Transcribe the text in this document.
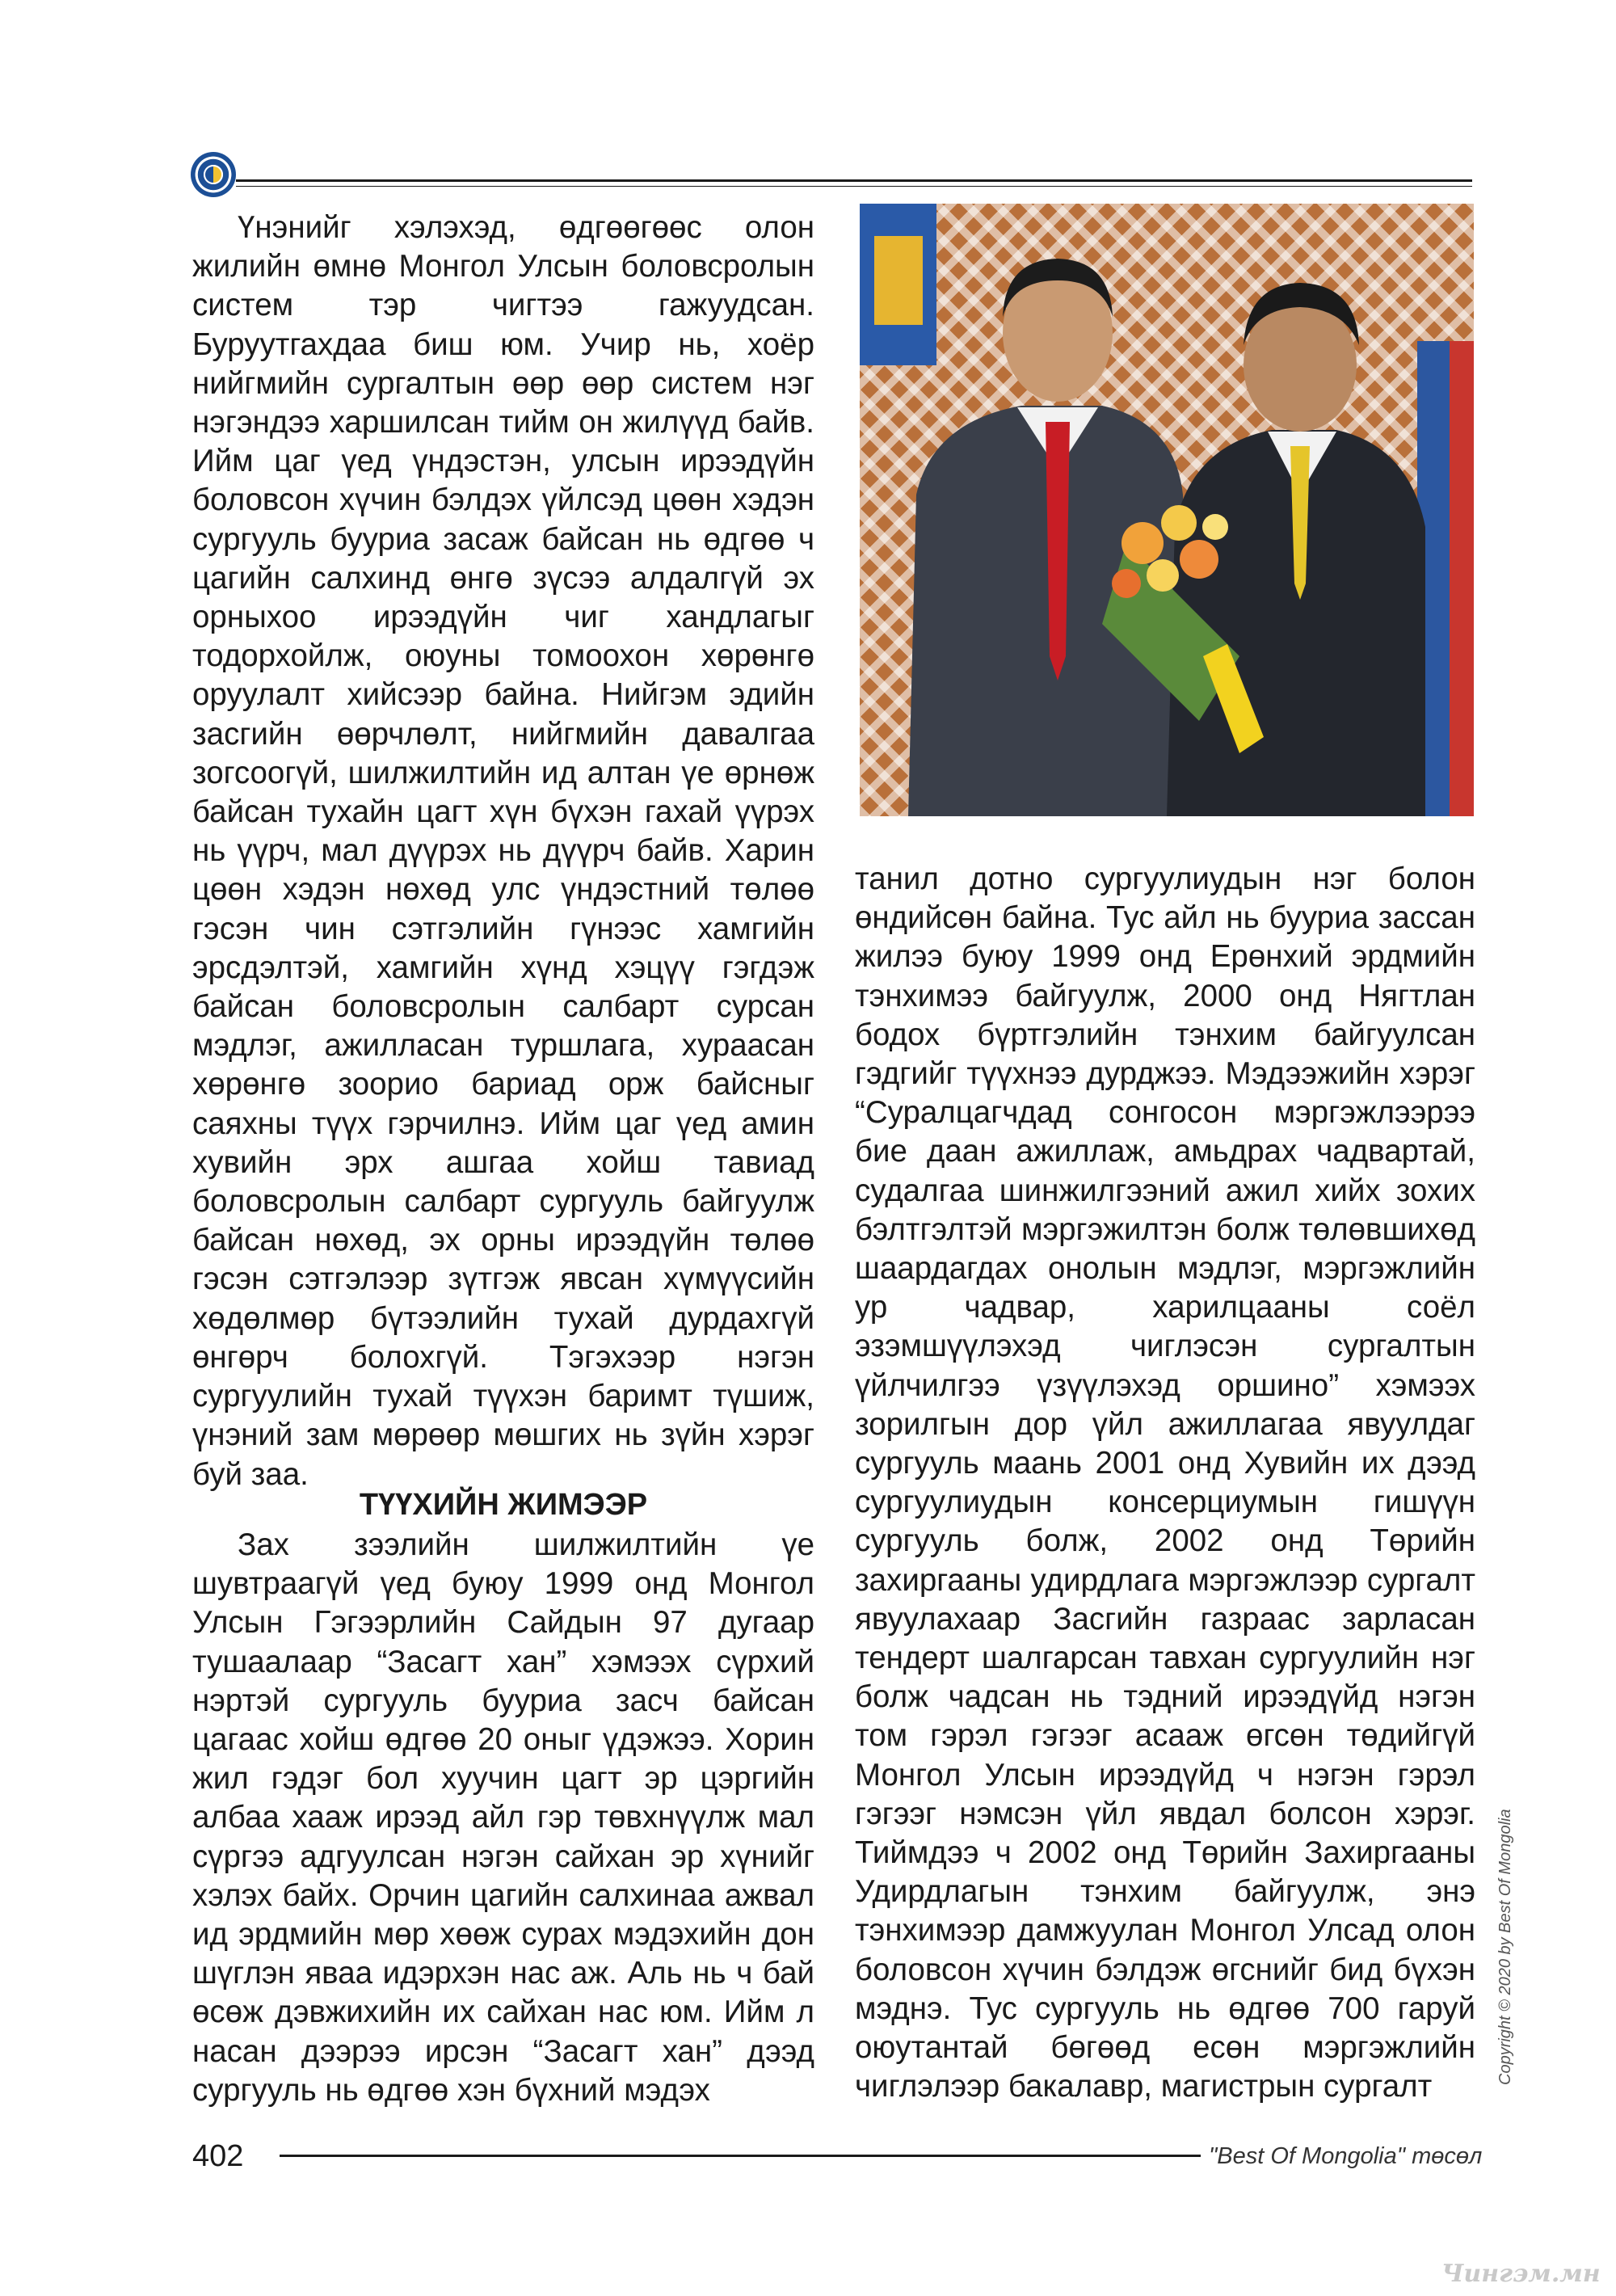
Үнэнийг хэлэхэд, өдгөөгөөс олон жилийн өмнө Монгол Улсын боловсролын систем тэр чигтээ гажуудсан. Буруутгахдаа биш юм. Учир нь, хоёр нийгмийн сургалтын өөр өөр систем нэг нэгэндээ харшилсан тийм он жилүүд байв. Ийм цаг үед үндэстэн, улсын ирээдүйн боловсон хүчин бэлдэх үйлсэд цөөн хэдэн сургууль бууриа засаж байсан нь өдгөө ч цагийн салхинд өнгө зүсээ алдалгүй эх орныхоо ирээдүйн чиг хандлагыг тодорхойлж, оюуны томоохон хөрөнгө оруулалт хийсээр байна. Нийгэм эдийн засгийн өөрчлөлт, нийгмийн давалгаа зогсоогүй, шилжилтийн ид алтан үе өрнөж байсан тухайн цагт хүн бүхэн гахай үүрэх нь үүрч, мал дүүрэх нь дүүрч байв. Харин цөөн хэдэн нөхөд улс үндэстний төлөө гэсэн чин сэтгэлийн гүнээс хамгийн эрсдэлтэй, хамгийн хүнд хэцүү гэгдэж байсан боловсролын салбарт сурсан мэдлэг, ажилласан туршлага, хураасан хөрөнгө зоорио бариад орж байсныг саяхны түүх гэрчилнэ. Ийм цаг үед амин хувийн эрх ашгаа хойш тавиад боловсролын салбарт сургууль байгуулж байсан нөхөд, эх орны ирээдүйн төлөө гэсэн сэтгэлээр зүтгэж явсан хүмүүсийн хөдөлмөр бүтээлийн тухай дурдахгүй өнгөрч болохгүй. Тэгэхээр нэгэн сургуулийн тухай түүхэн баримт түшиж, үнэний зам мөрөөр мөшгих нь зүйн хэрэг буй заа.

ТҮҮХИЙН ЖИМЭЭР

Зах зээлийн шилжилтийн үе шувтраагүй үед буюу 1999 онд Монгол Улсын Гэгээрлийн Сайдын 97 дугаар тушаалаар “Засагт хан” хэмээх сүрхий нэртэй сургууль бууриа засч байсан цагаас хойш өдгөө 20 оныг үдэжээ. Хорин жил гэдэг бол хуучин цагт эр цэргийн албаа хааж ирээд айл гэр төвхнүүлж мал сүргээ адгуулсан нэгэн сайхан эр хүнийг хэлэх байх. Орчин цагийн салхинаа ажвал ид эрдмийн мөр хөөж сурах мэдэхийн дон шүглэн яваа идэрхэн нас аж. Аль нь ч бай өсөж дэвжихийн их сайхан нас юм. Ийм л насан дээрээ ирсэн “Засагт хан” дээд сургууль нь өдгөө хэн бүхний мэдэх

танил дотно сургуулиудын нэг болон өндийсөн байна. Тус айл нь бууриа зассан жилээ буюу 1999 онд Ерөнхий эрдмийн тэнхимээ байгуулж, 2000 онд Нягтлан бодох бүртгэлийн тэнхим байгуулсан гэдгийг түүхнээ дурджээ. Мэдээжийн хэрэг “Суралцагчдад сонгосон мэргэжлээрээ бие даан ажиллаж, амьдрах чадвартай, судалгаа шинжилгээний ажил хийх зохих бэлтгэлтэй мэргэжилтэн болж төлөвшихөд шаардагдах онолын мэдлэг, мэргэжлийн ур чадвар, харилцааны соёл эзэмшүүлэхэд чиглэсэн сургалтын үйлчилгээ үзүүлэхэд оршино” хэмээх зорилгын дор үйл ажиллагаа явуулдаг сургууль маань 2001 онд Хувийн их дээд сургуулиудын консерциумын гишүүн сургууль болж, 2002 онд Төрийн захиргааны удирдлага мэргэжлээр сургалт явуулахаар Засгийн газраас зарласан тендерт шалгарсан тавхан сургуулийн нэг болж чадсан нь тэдний ирээдүйд нэгэн том гэрэл гэгээг асааж өгсөн төдийгүй Монгол Улсын ирээдүйд ч нэгэн гэрэл гэгээг нэмсэн үйл явдал болсон хэрэг. Тиймдээ ч 2002 онд Төрийн Захиргааны Удирдлагын тэнхим байгуулж, энэ тэнхимээр дамжуулан Монгол Улсад олон боловсон хүчин бэлдэж өгснийг бид бүхэн мэднэ. Тус сургууль нь өдгөө 700 гаруй оюутантай бөгөөд есөн мэргэжлийн чиглэлээр бакалавр, магистрын сургалт

402	"Best Of Mongolia" төсөл
Copyright © 2020 by Best Of Mongolia
Чингэм.мн
